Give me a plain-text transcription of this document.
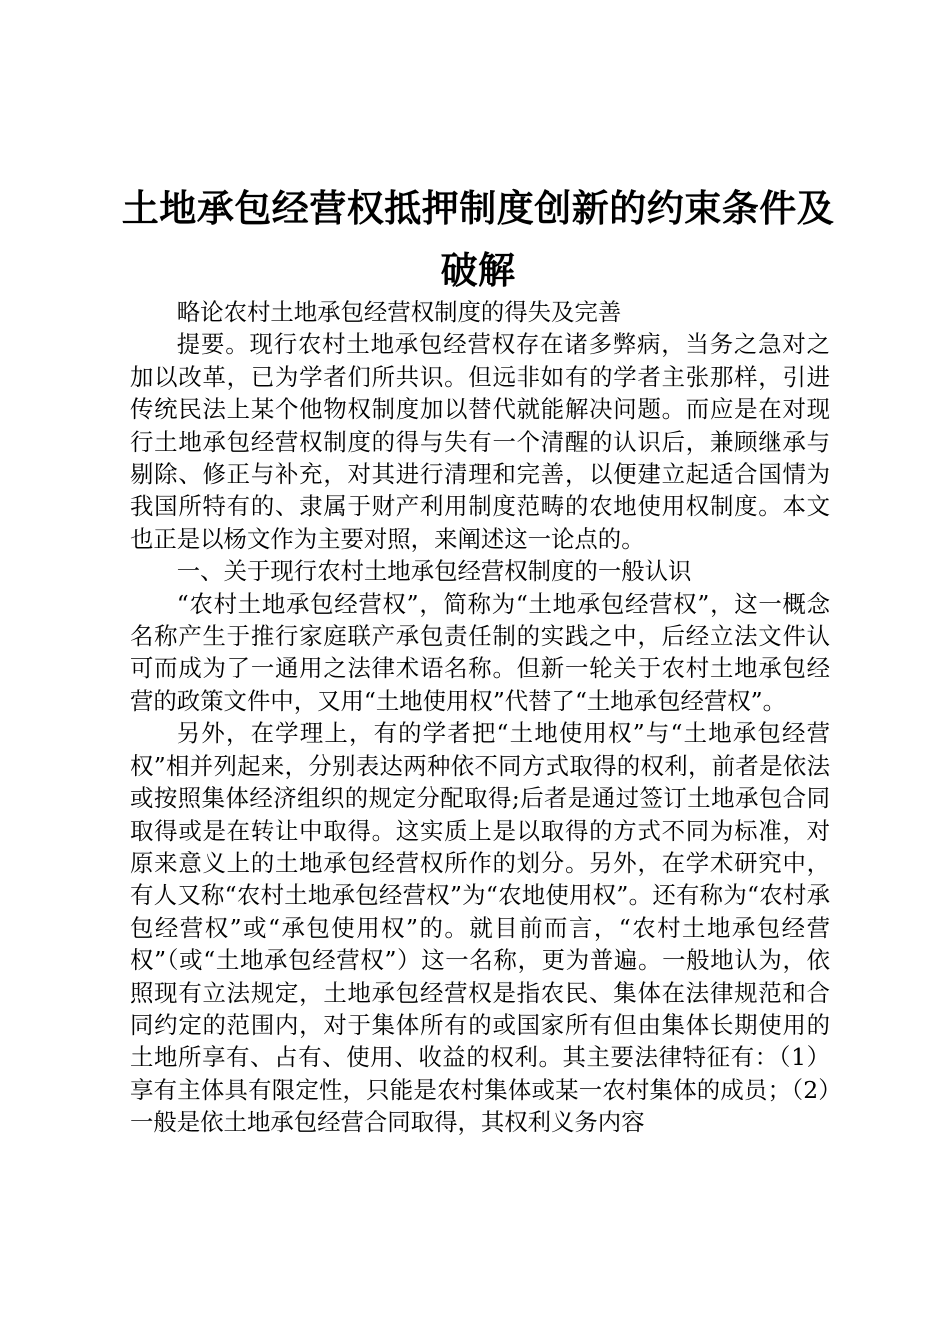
土地承包经营权抵押制度创新的约束条件及破解

略论农村土地承包经营权制度的得失及完善

提要。现行农村土地承包经营权存在诸多弊病，当务之急对之加以改革，已为学者们所共识。但远非如有的学者主张那样，引进传统民法上某个他物权制度加以替代就能解决问题。而应是在对现行土地承包经营权制度的得与失有一个清醒的认识后，兼顾继承与剔除、修正与补充，对其进行清理和完善，以便建立起适合国情为我国所特有的、隶属于财产利用制度范畴的农地使用权制度。本文也正是以杨文作为主要对照，来阐述这一论点的。

一、关于现行农村土地承包经营权制度的一般认识

“农村土地承包经营权”，简称为“土地承包经营权”，这一概念名称产生于推行家庭联产承包责任制的实践之中，后经立法文件认可而成为了一通用之法律术语名称。但新一轮关于农村土地承包经营的政策文件中，又用“土地使用权”代替了“土地承包经营权”。

另外，在学理上，有的学者把“土地使用权”与“土地承包经营权”相并列起来，分别表达两种依不同方式取得的权利，前者是依法或按照集体经济组织的规定分配取得;后者是通过签订土地承包合同取得或是在转让中取得。这实质上是以取得的方式不同为标准，对原来意义上的土地承包经营权所作的划分。另外，在学术研究中，有人又称“农村土地承包经营权”为“农地使用权”。还有称为“农村承包经营权”或“承包使用权”的。就目前而言，“农村土地承包经营权”（或“土地承包经营权”）这一名称，更为普遍。一般地认为，依照现有立法规定，土地承包经营权是指农民、集体在法律规范和合同约定的范围内，对于集体所有的或国家所有但由集体长期使用的土地所享有、占有、使用、收益的权利。其主要法律特征有：（1）享有主体具有限定性，只能是农村集体或某一农村集体的成员；（2）一般是依土地承包经营合同取得，其权利义务内容
